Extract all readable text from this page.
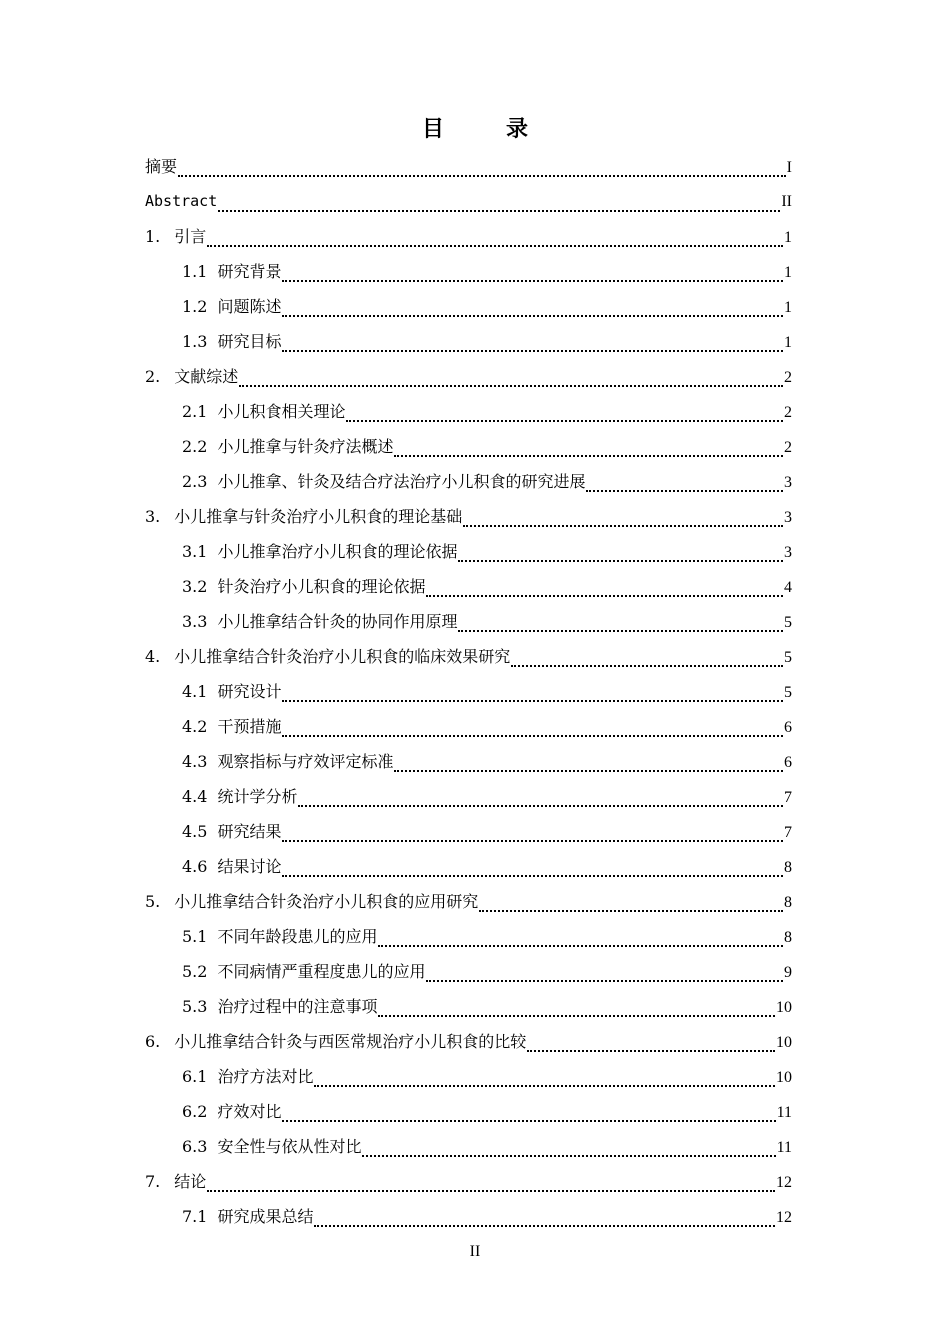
目　录
摘要	I
Abstract	II
1. 引言	1
1.1 研究背景	1
1.2 问题陈述	1
1.3 研究目标	1
2. 文献综述	2
2.1 小儿积食相关理论	2
2.2 小儿推拿与针灸疗法概述	2
2.3 小儿推拿、针灸及结合疗法治疗小儿积食的研究进展	3
3. 小儿推拿与针灸治疗小儿积食的理论基础	3
3.1 小儿推拿治疗小儿积食的理论依据	3
3.2 针灸治疗小儿积食的理论依据	4
3.3 小儿推拿结合针灸的协同作用原理	5
4. 小儿推拿结合针灸治疗小儿积食的临床效果研究	5
4.1 研究设计	5
4.2 干预措施	6
4.3 观察指标与疗效评定标准	6
4.4 统计学分析	7
4.5 研究结果	7
4.6 结果讨论	8
5. 小儿推拿结合针灸治疗小儿积食的应用研究	8
5.1 不同年龄段患儿的应用	8
5.2 不同病情严重程度患儿的应用	9
5.3 治疗过程中的注意事项	10
6. 小儿推拿结合针灸与西医常规治疗小儿积食的比较	10
6.1 治疗方法对比	10
6.2 疗效对比	11
6.3 安全性与依从性对比	11
7. 结论	12
7.1 研究成果总结	12
II
